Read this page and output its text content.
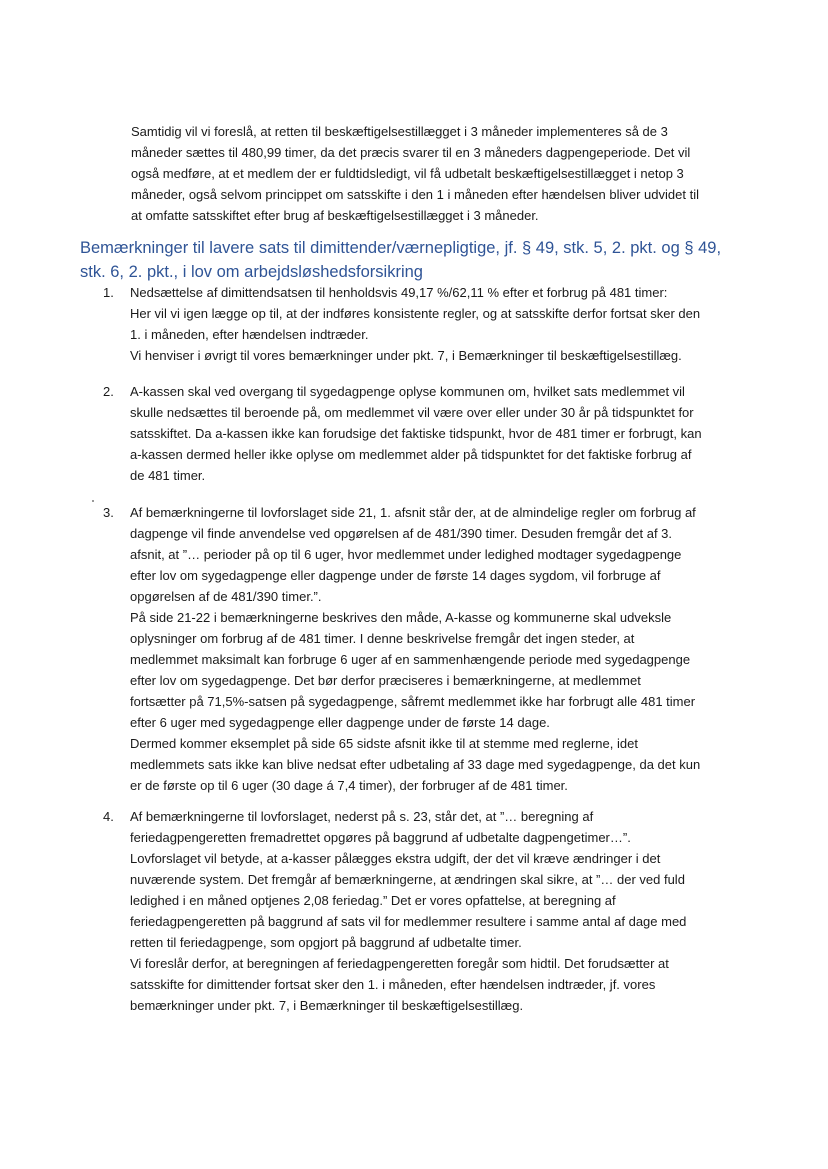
Samtidig vil vi foreslå, at retten til beskæftigelsestillægget i 3 måneder implementeres så de 3
måneder sættes til 480,99 timer, da det præcis svarer til en 3 måneders dagpengeperiode. Det vil
også medføre, at et medlem der er fuldtidsledigt, vil få udbetalt beskæftigelsestillægget i netop 3
måneder, også selvom princippet om satsskifte i den 1 i måneden efter hændelsen bliver udvidet til
at omfatte satsskiftet efter brug af beskæftigelsestillægget i 3 måneder.

Bemærkninger til lavere sats til dimittender/værnepligtige, jf. § 49, stk. 5, 2. pkt. og § 49,
stk. 6, 2. pkt., i lov om arbejdsløshedsforsikring
1. Nedsættelse af dimittendsatsen til henholdsvis 49,17 %/62,11 % efter et forbrug på 481 timer:
Her vil vi igen lægge op til, at der indføres konsistente regler, og at satsskifte derfor fortsat sker den
1. i måneden, efter hændelsen indtræder.
Vi henviser i øvrigt til vores bemærkninger under pkt. 7, i Bemærkninger til beskæftigelsestillæg.
2. A-kassen skal ved overgang til sygedagpenge oplyse kommunen om, hvilket sats medlemmet vil
skulle nedsættes til beroende på, om medlemmet vil være over eller under 30 år på tidspunktet for
satsskiftet. Da a-kassen ikke kan forudsige det faktiske tidspunkt, hvor de 481 timer er forbrugt, kan
a-kassen dermed heller ikke oplyse om medlemmet alder på tidspunktet for det faktiske forbrug af
de 481 timer.
3. Af bemærkningerne til lovforslaget side 21, 1. afsnit står der, at de almindelige regler om forbrug af
dagpenge vil finde anvendelse ved opgørelsen af de 481/390 timer. Desuden fremgår det af 3.
afsnit, at ”… perioder på op til 6 uger, hvor medlemmet under ledighed modtager sygedagpenge
efter lov om sygedagpenge eller dagpenge under de første 14 dages sygdom, vil forbruge af
opgørelsen af de 481/390 timer.”.
På side 21-22 i bemærkningerne beskrives den måde, A-kasse og kommunerne skal udveksle
oplysninger om forbrug af de 481 timer. I denne beskrivelse fremgår det ingen steder, at
medlemmet maksimalt kan forbruge 6 uger af en sammenhængende periode med sygedagpenge
efter lov om sygedagpenge. Det bør derfor præciseres i bemærkningerne, at medlemmet
fortsætter på 71,5%-satsen på sygedagpenge, såfremt medlemmet ikke har forbrugt alle 481 timer
efter 6 uger med sygedagpenge eller dagpenge under de første 14 dage.
Dermed kommer eksemplet på side 65 sidste afsnit ikke til at stemme med reglerne, idet
medlemmets sats ikke kan blive nedsat efter udbetaling af 33 dage med sygedagpenge, da det kun
er de første op til 6 uger (30 dage á 7,4 timer), der forbruger af de 481 timer.
4. Af bemærkningerne til lovforslaget, nederst på s. 23, står det, at ”… beregning af
feriedagpengeretten fremadrettet opgøres på baggrund af udbetalte dagpengetimer…”.
Lovforslaget vil betyde, at a-kasser pålægges ekstra udgift, der det vil kræve ændringer i det
nuværende system. Det fremgår af bemærkningerne, at ændringen skal sikre, at ”… der ved fuld
ledighed i en måned optjenes 2,08 feriedag.” Det er vores opfattelse, at beregning af
feriedagpengeretten på baggrund af sats vil for medlemmer resultere i samme antal af dage med
retten til feriedagpenge, som opgjort på baggrund af udbetalte timer.
Vi foreslår derfor, at beregningen af feriedagpengeretten foregår som hidtil. Det forudsætter at
satsskifte for dimittender fortsat sker den 1. i måneden, efter hændelsen indtræder, jf. vores
bemærkninger under pkt. 7, i Bemærkninger til beskæftigelsestillæg.
